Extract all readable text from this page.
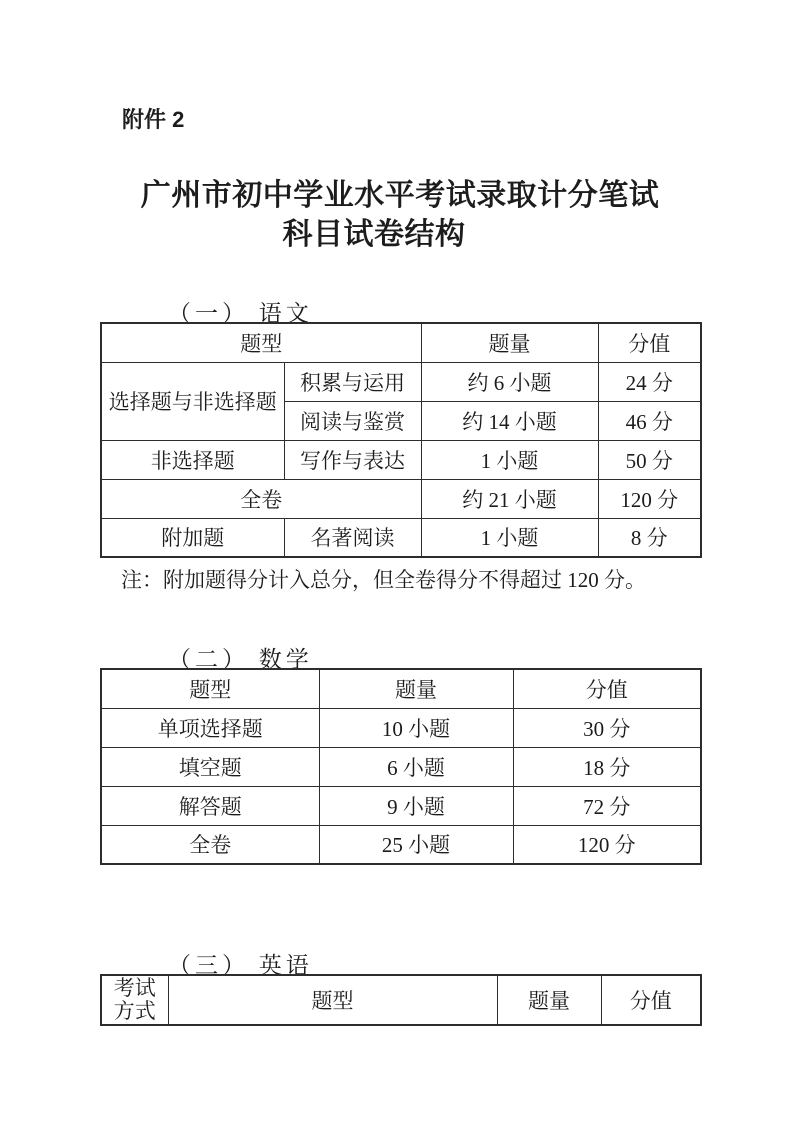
附件 2
广州市初中学业水平考试录取计分笔试
科目试卷结构
（一） 语文
题型		题量	分值
选择题与非选择题	积累与运用	约 6 小题	24 分
	阅读与鉴赏	约 14 小题	46 分
非选择题	写作与表达	1 小题	50 分
全卷		约 21 小题	120 分
附加题	名著阅读	1 小题	8 分
注：附加题得分计入总分，但全卷得分不得超过 120 分。
（二） 数学
题型	题量	分值
单项选择题	10 小题	30 分
填空题	6 小题	18 分
解答题	9 小题	72 分
全卷	25 小题	120 分
（三） 英语
考试
方式	题型	题量	分值
